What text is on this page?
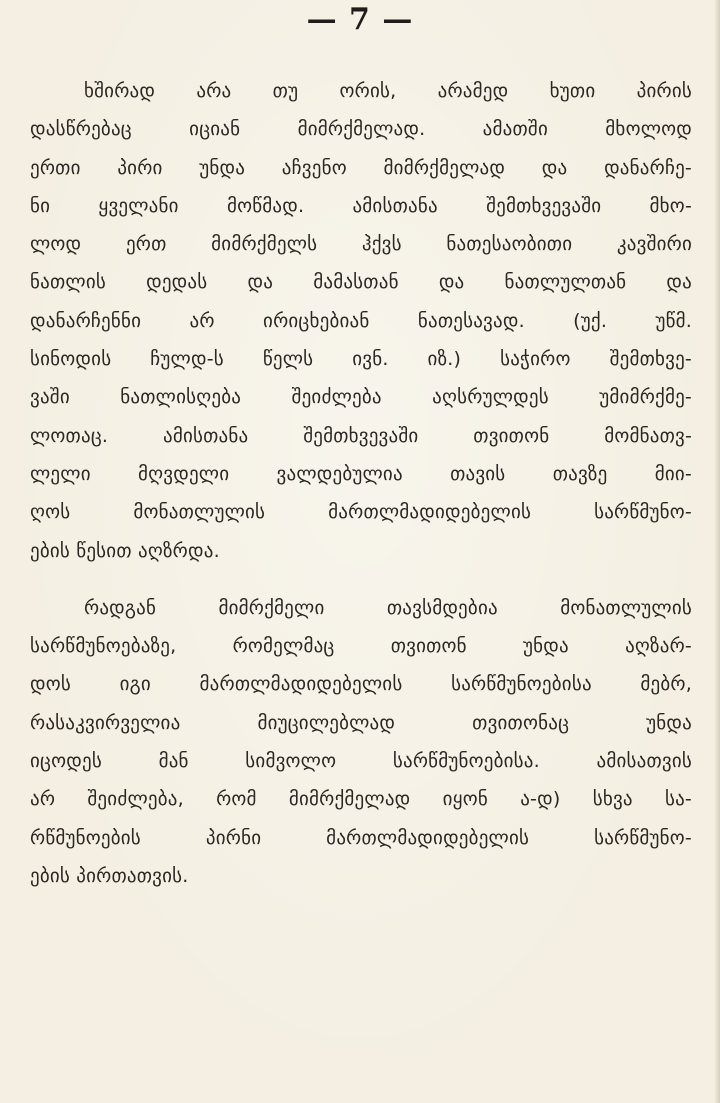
— 7 —
ხშირად არა თუ ორის, არამედ ხუთი პირის
დასწრებაც იციან მიმრქმელად. ამათში მხოლოდ
ერთი პირი უნდა აჩვენო მიმრქმელად და დანარჩე-
ნი ყველანი მოწმად. ამისთანა შემთხვევაში მხო-
ლოდ ერთ მიმრქმელს ჰქვს ნათესაობითი კავშირი
ნათლის დედას და მამასთან და ნათლულთან და
დანარჩენნი არ ირიცხებიან ნათესავად. (უქ. უწმ.
სინოდის ჩულდ-ს წელს ივნ. იზ.) საჭირო შემთხვე-
ვაში ნათლისღება შეიძლება აღსრულდეს უმიმრქმე-
ლოთაც. ამისთანა შემთხვევაში თვითონ მომნათვ-
ლელი მღვდელი ვალდებულია თავის თავზე მიი-
ღოს მონათლულის მართლმადიდებელის სარწმუნო-
ების წესით აღზრდა.
რადგან მიმრქმელი თავსმდებია მონათლულის
სარწმუნოებაზე, რომელმაც თვითონ უნდა აღზარ-
დოს იგი მართლმადიდებელის სარწმუნოებისა მებრ,
რასაკვირველია მიუცილებლად თვითონაც უნდა
იცოდეს მან სიმვოლო სარწმუნოებისა. ამისათვის
არ შეიძლება, რომ მიმრქმელად იყონ ა-დ) სხვა სა-
რწმუნოების პირნი მართლმადიდებელის სარწმუნო-
ების პირთათვის.
